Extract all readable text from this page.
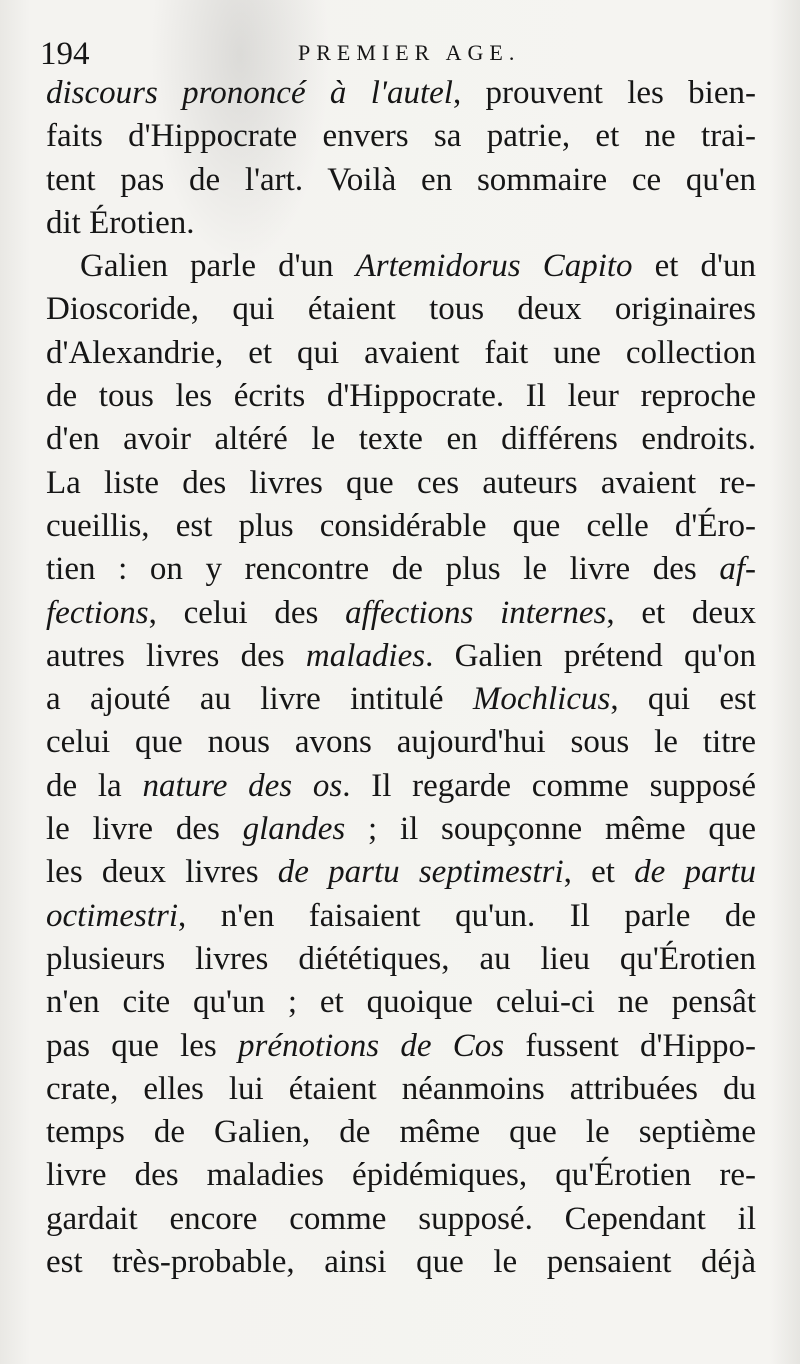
194	PREMIER AGE.
discours prononcé à l'autel, prouvent les bien-
faits d'Hippocrate envers sa patrie, et ne trai-
tent pas de l'art. Voilà en sommaire ce qu'en
dit Érotien.
Galien parle d'un Artemidorus Capito et d'un
Dioscoride, qui étaient tous deux originaires
d'Alexandrie, et qui avaient fait une collection
de tous les écrits d'Hippocrate. Il leur reproche
d'en avoir altéré le texte en différens endroits.
La liste des livres que ces auteurs avaient re-
cueillis, est plus considérable que celle d'Éro-
tien : on y rencontre de plus le livre des af-
fections, celui des affections internes, et deux
autres livres des maladies. Galien prétend qu'on
a ajouté au livre intitulé Mochlicus, qui est
celui que nous avons aujourd'hui sous le titre
de la nature des os. Il regarde comme supposé
le livre des glandes ; il soupçonne même que
les deux livres de partu septimestri, et de partu
octimestri, n'en faisaient qu'un. Il parle de
plusieurs livres diététiques, au lieu qu'Érotien
n'en cite qu'un ; et quoique celui-ci ne pensât
pas que les prénotions de Cos fussent d'Hippo-
crate, elles lui étaient néanmoins attribuées du
temps de Galien, de même que le septième
livre des maladies épidémiques, qu'Érotien re-
gardait encore comme supposé. Cependant il
est très-probable, ainsi que le pensaient déjà
